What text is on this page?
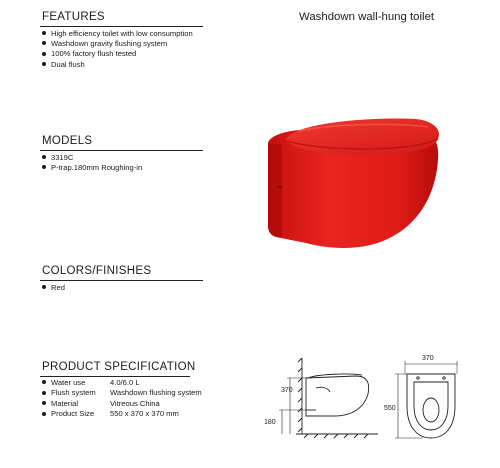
FEATURES
High efficiency toilet with low consumption
Washdown gravity flushing system
100% factory flush tested
Dual flush
Washdown wall-hung toilet
MODELS
3319C
P-trap.180mm Roughing-in
COLORS/FINISHES
Red
PRODUCT SPECIFICATION
Water use	4.0/6.0 L
Flush system	Washdown flushing system
Material	Vitreous China
Product Size	550 x 370 x 370 mm
370
180
370
550
